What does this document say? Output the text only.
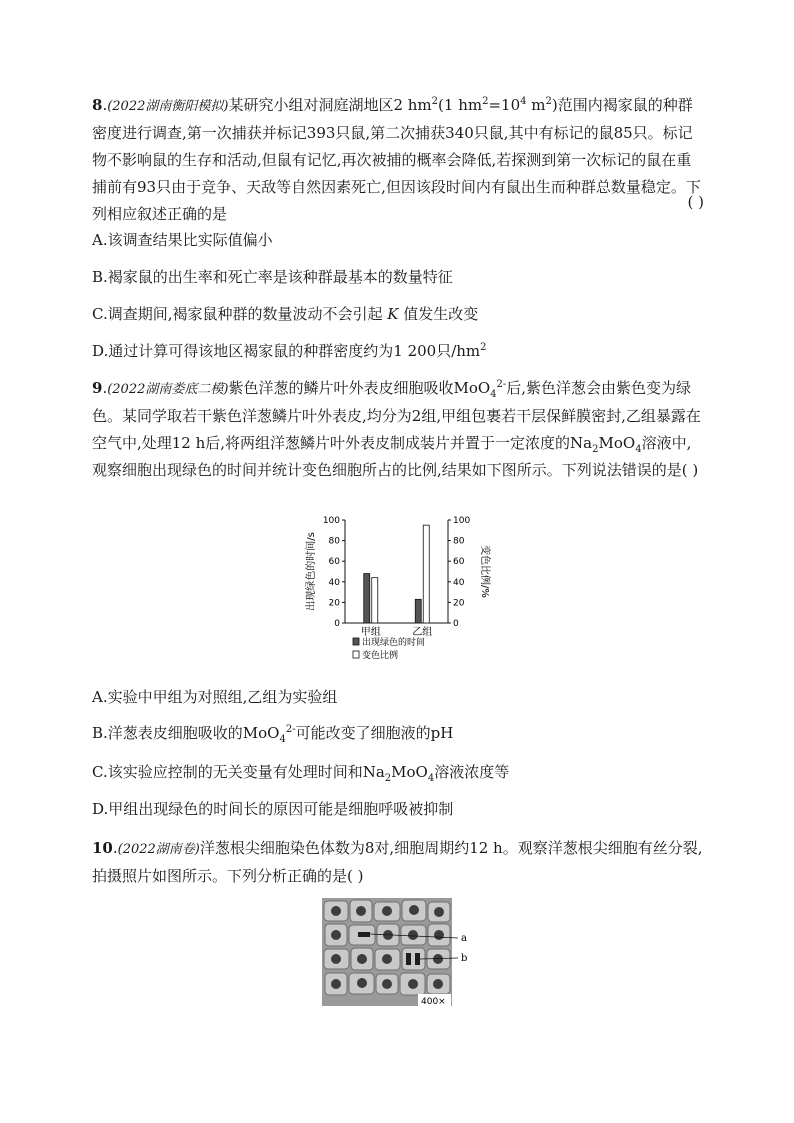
8.(2022湖南衡阳模拟)某研究小组对洞庭湖地区2 $hm^2(1$ $hm^2=10^4$ $m^2$)范围内褐家鼠的种群密度进行调查,第一次捕获并标记393只鼠,第二次捕获340只鼠,其中有标记的鼠85只。标记物不影响鼠的生存和活动,但鼠有记忆,再次被捕的概率会降低,若探测到第一次标记的鼠在重捕前有93只由于竞争、天敌等自然因素死亡,但因该段时间内有鼠出生而种群总数量稳定。下列相应叙述正确的是
( )
A.该调查结果比实际值偏小
B.褐家鼠的出生率和死亡率是该种群最基本的数量特征
C.调查期间,褐家鼠种群的数量波动不会引起 K 值发生改变
D.通过计算可得该地区褐家鼠的种群密度约为1 200只$/hm^2$
9.(2022湖南娄底二模)紫色洋葱的鳞片叶外表皮细胞吸收MoO$_4^{2-}$后,紫色洋葱会由紫色变为绿色。某同学取若干紫色洋葱鳞片叶外表皮,均分为2组,甲组包裹若干层保鲜膜密封,乙组暴露在空气中,处理12 h后,将两组洋葱鳞片叶外表皮制成装片并置于一定浓度的$Na_2MoO_4$溶液中,观察细胞出现绿色的时间并统计变色细胞所占的比例,结果如下图所示。下列说法错误的是( )
0
20
40
60
80
100
0
20
40
60
80
100
出现绿色的时间/s	变色比例/%
甲组	乙组
出现绿色的时间
变色比例
A.实验中甲组为对照组,乙组为实验组
B.洋葱表皮细胞吸收的MoO$_4^{2-}$可能改变了细胞液的pH
C.该实验应控制的无关变量有处理时间和$Na_2MoO_4$溶液浓度等
D.甲组出现绿色的时间长的原因可能是细胞呼吸被抑制
10.(2022湖南卷)洋葱根尖细胞染色体数为8对,细胞周期约12 h。观察洋葱根尖细胞有丝分裂,拍摄照片如图所示。下列分析正确的是( )
a
b
400×
